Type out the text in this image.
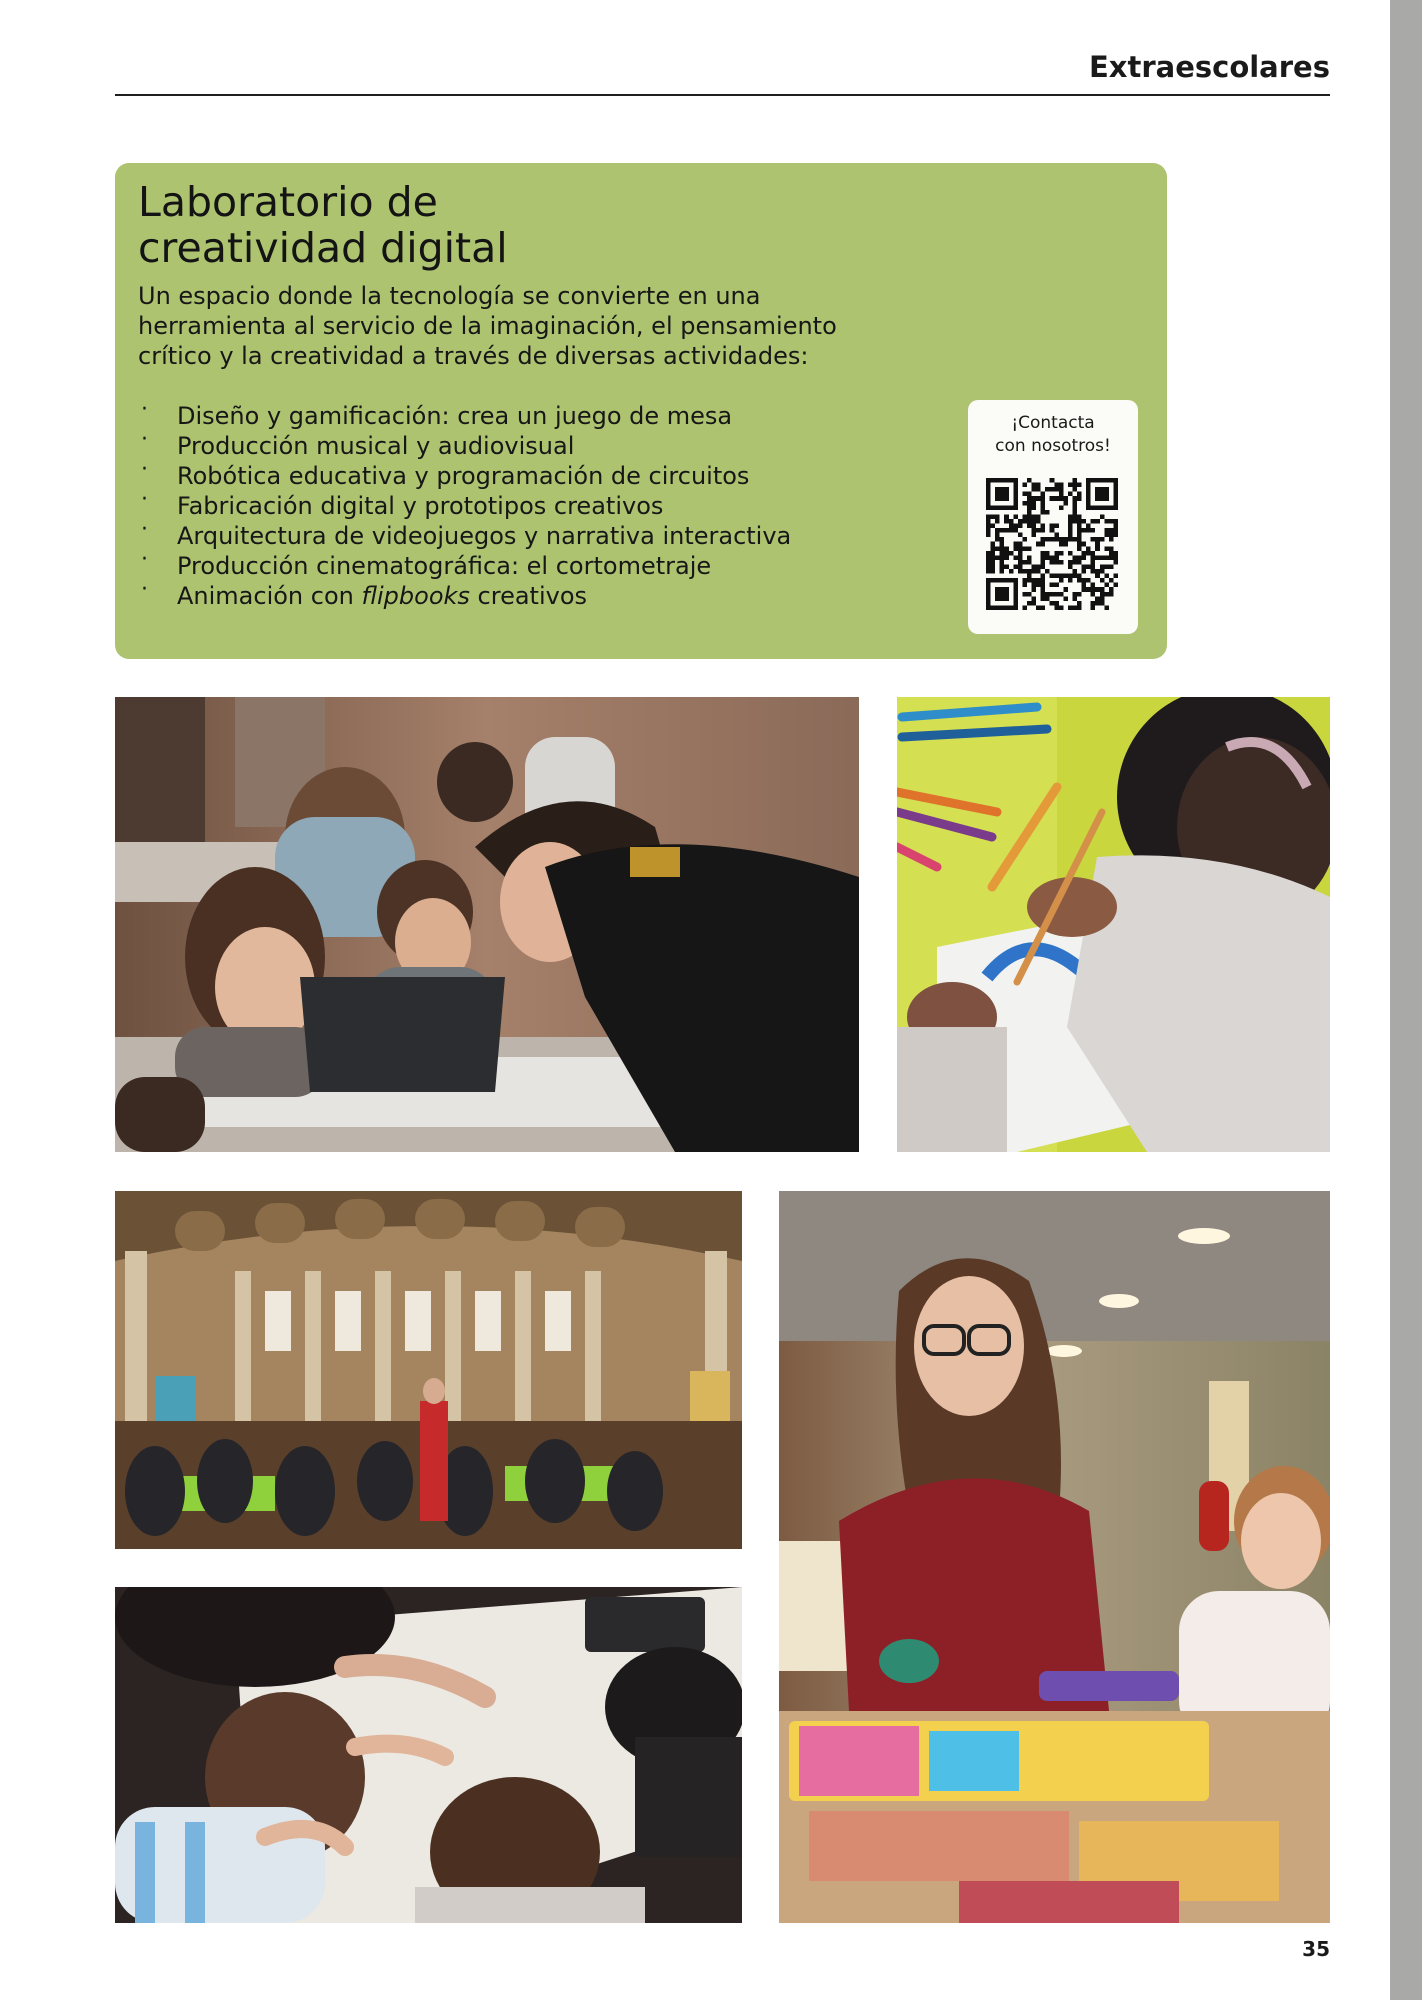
Extraescolares
Laboratorio de
creatividad digital

Un espacio donde la tecnología se convierte en una
herramienta al servicio de la imaginación, el pensamiento
crítico y la creatividad a través de diversas actividades:

· Diseño y gamificación: crea un juego de mesa
· Producción musical y audiovisual
· Robótica educativa y programación de circuitos
· Fabricación digital y prototipos creativos
· Arquitectura de videojuegos y narrativa interactiva
· Producción cinematográfica: el cortometraje
· Animación con flipbooks creativos
¡Contacta
con nosotros!
35
